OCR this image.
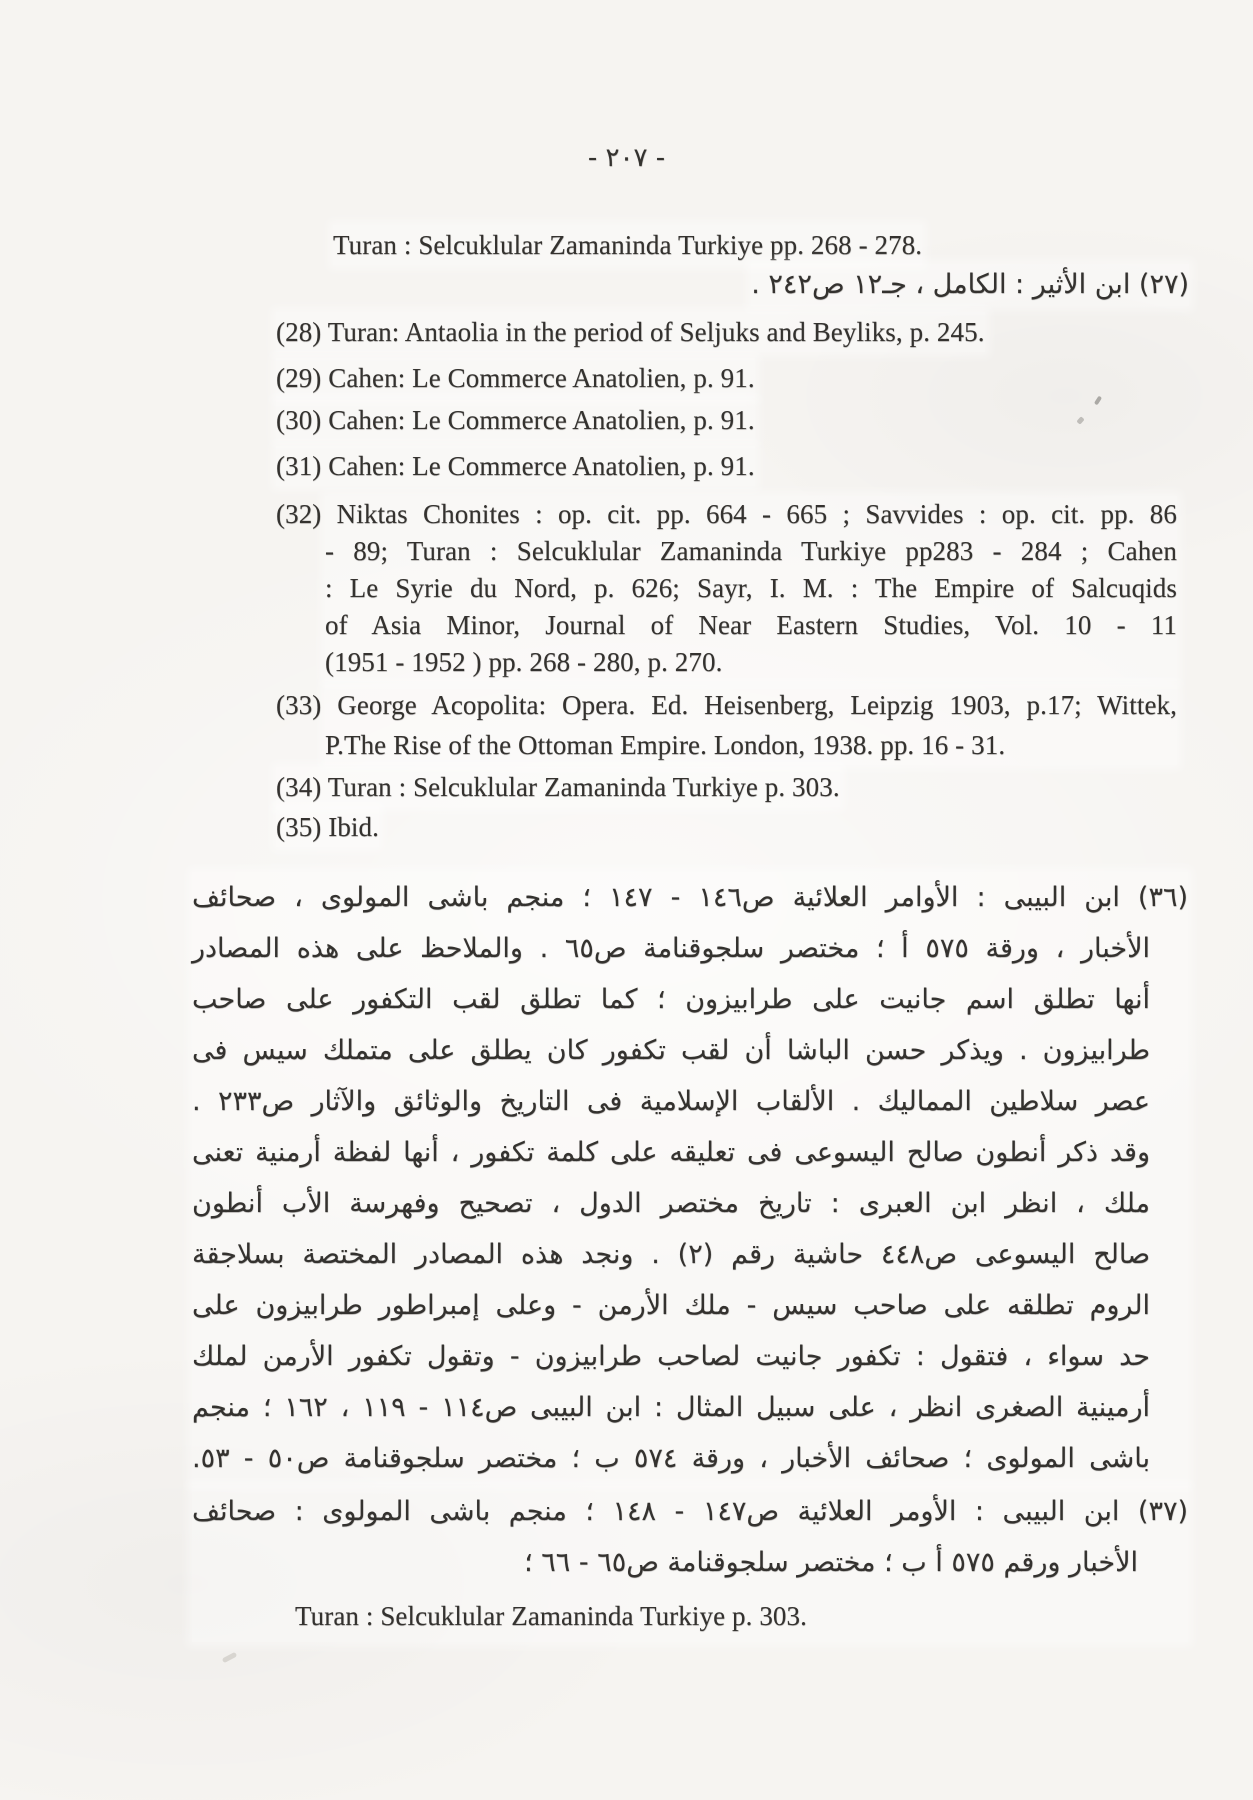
- ٢٠٧ -
Turan : Selcuklular Zamaninda Turkiye pp. 268 - 278.
(٢٧) ابن الأثير : الكامل ، جـ١٢ ص٢٤٢ .
(28) Turan: Antaolia in the period of Seljuks and Beyliks, p. 245.
(29) Cahen: Le Commerce Anatolien, p. 91.
(30) Cahen: Le Commerce Anatolien, p. 91.
(31) Cahen: Le Commerce Anatolien, p. 91.
(32) Niktas Chonites : op. cit. pp. 664 - 665 ; Savvides : op. cit. pp. 86
- 89; Turan : Selcuklular Zamaninda Turkiye pp283 - 284 ; Cahen
: Le Syrie du Nord, p. 626; Sayr, I. M. : The Empire of Salcuqids
of Asia Minor, Journal of Near Eastern Studies, Vol. 10 - 11
(1951 - 1952 ) pp. 268 - 280, p. 270.
(33) George Acopolita: Opera. Ed. Heisenberg, Leipzig 1903, p.17; Wittek,
P.The Rise of the Ottoman Empire. London, 1938. pp. 16 - 31.
(34) Turan : Selcuklular Zamaninda Turkiye p. 303.
(35) Ibid.
(٣٦) ابن البيبى : الأوامر العلائية ص١٤٦ - ١٤٧ ؛ منجم باشى المولوى ، صحائف
الأخبار ، ورقة ٥٧٥ أ ؛ مختصر سلجوقنامة ص٦٥ . والملاحظ على هذه المصادر
أنها تطلق اسم جانيت على طرابيزون ؛ كما تطلق لقب التكفور على صاحب
طرابيزون . ويذكر حسن الباشا أن لقب تكفور كان يطلق على متملك سيس فى
عصر سلاطين المماليك . الألقاب الإسلامية فى التاريخ والوثائق والآثار ص٢٣٣ .
وقد ذكر أنطون صالح اليسوعى فى تعليقه على كلمة تكفور ، أنها لفظة أرمنية تعنى
ملك ، انظر ابن العبرى : تاريخ مختصر الدول ، تصحيح وفهرسة الأب أنطون
صالح اليسوعى ص٤٤٨ حاشية رقم (٢) . ونجد هذه المصادر المختصة بسلاجقة
الروم تطلقه على صاحب سيس - ملك الأرمن - وعلى إمبراطور طرابيزون على
حد سواء ، فتقول : تكفور جانيت لصاحب طرابيزون - وتقول تكفور الأرمن لملك
أرمينية الصغرى انظر ، على سبيل المثال : ابن البيبى ص١١٤ - ١١٩ ، ١٦٢ ؛ منجم
باشى المولوى ؛ صحائف الأخبار ، ورقة ٥٧٤ ب ؛ مختصر سلجوقنامة ص٥٠ - ٥٣.
(٣٧) ابن البيبى : الأومر العلائية ص١٤٧ - ١٤٨ ؛ منجم باشى المولوى : صحائف
الأخبار ورقم ٥٧٥ أ ب ؛ مختصر سلجوقنامة ص٦٥ - ٦٦ ؛
Turan : Selcuklular Zamaninda Turkiye p. 303.
